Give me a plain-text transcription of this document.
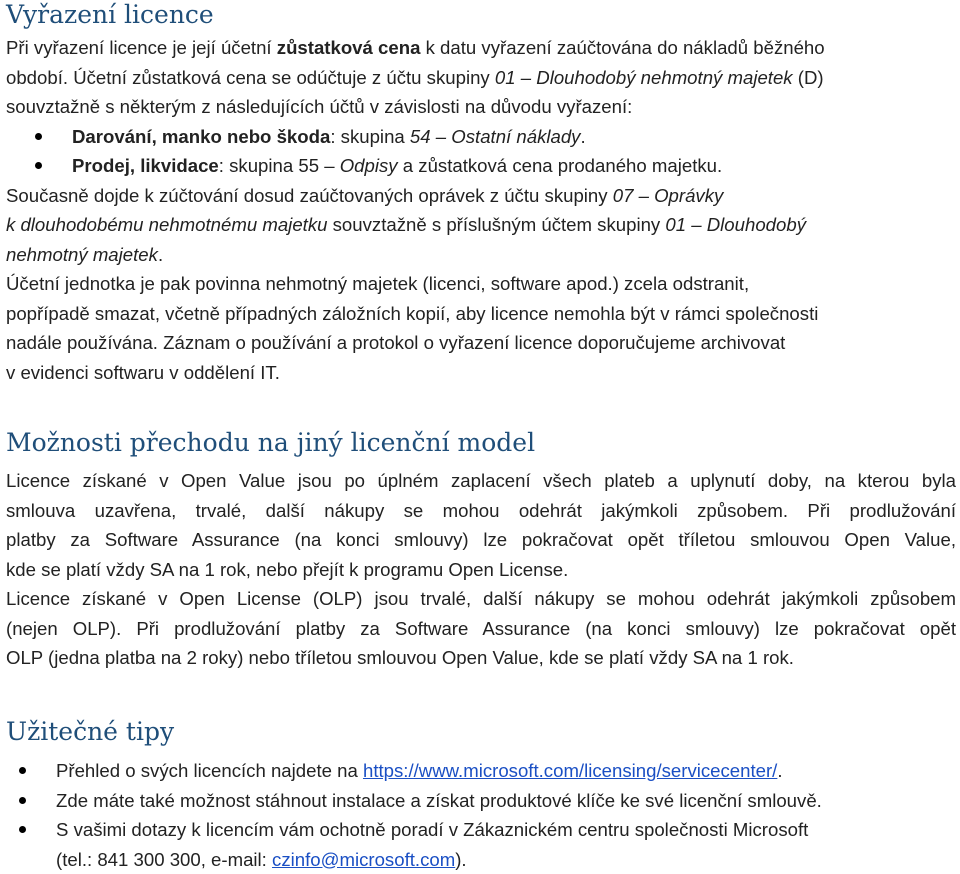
Vyřazení licence
Při vyřazení licence je její účetní zůstatková cena k datu vyřazení zaúčtována do nákladů běžného
období. Účetní zůstatková cena se odúčtuje z účtu skupiny 01 – Dlouhodobý nehmotný majetek (D)
souvztažně s některým z následujících účtů v závislosti na důvodu vyřazení:
Darování, manko nebo škoda: skupina 54 – Ostatní náklady.
Prodej, likvidace: skupina 55 – Odpisy a zůstatková cena prodaného majetku.
Současně dojde k zúčtování dosud zaúčtovaných oprávek z účtu skupiny 07 – Oprávky
k dlouhodobému nehmotnému majetku souvztažně s příslušným účtem skupiny 01 – Dlouhodobý
nehmotný majetek.
Účetní jednotka je pak povinna nehmotný majetek (licenci, software apod.) zcela odstranit,
popřípadě smazat, včetně případných záložních kopií, aby licence nemohla být v rámci společnosti
nadále používána. Záznam o používání a protokol o vyřazení licence doporučujeme archivovat
v evidenci softwaru v oddělení IT.
Možnosti přechodu na jiný licenční model
Licence získané v Open Value jsou po úplném zaplacení všech plateb a uplynutí doby, na kterou byla
smlouva uzavřena, trvalé, další nákupy se mohou odehrát jakýmkoli způsobem. Při prodlužování
platby za Software Assurance (na konci smlouvy) lze pokračovat opět tříletou smlouvou Open Value,
kde se platí vždy SA na 1 rok, nebo přejít k programu Open License.
Licence získané v Open License (OLP) jsou trvalé, další nákupy se mohou odehrát jakýmkoli způsobem
(nejen OLP). Při prodlužování platby za Software Assurance (na konci smlouvy) lze pokračovat opět
OLP (jedna platba na 2 roky) nebo tříletou smlouvou Open Value, kde se platí vždy SA na 1 rok.
Užitečné tipy
Přehled o svých licencích najdete na https://www.microsoft.com/licensing/servicecenter/.
Zde máte také možnost stáhnout instalace a získat produktové klíče ke své licenční smlouvě.
S vašimi dotazy k licencím vám ochotně poradí v Zákaznickém centru společnosti Microsoft
(tel.: 841 300 300, e-mail: czinfo@microsoft.com).
